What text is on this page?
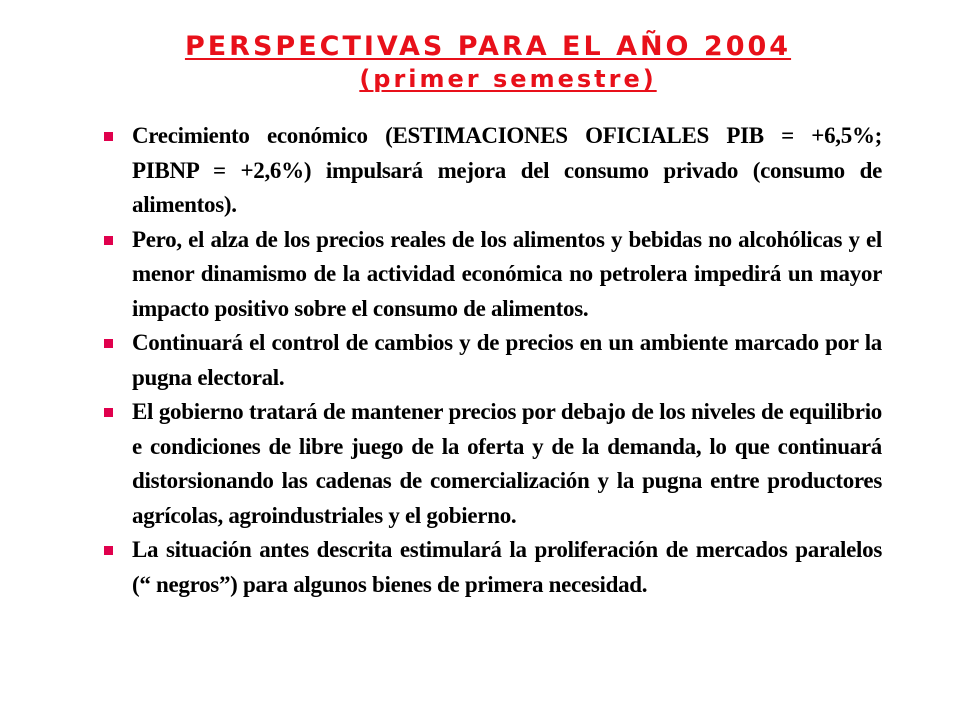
PERSPECTIVAS PARA EL AÑO 2004
(primer semestre)
Crecimiento económico (ESTIMACIONES OFICIALES PIB = +6,5%; PIBNP = +2,6%) impulsará mejora del consumo privado (consumo de alimentos).
Pero, el alza de los precios reales de los alimentos y bebidas no alcohólicas y el menor dinamismo de la actividad económica no petrolera impedirá un mayor impacto positivo sobre el consumo de alimentos.
Continuará el control de cambios y de precios en un ambiente marcado por la pugna electoral.
El gobierno tratará de mantener precios por debajo de los niveles de equilibrio e condiciones de libre juego de la oferta y de la demanda, lo que continuará distorsionando las cadenas de comercialización y la pugna entre productores agrícolas, agroindustriales y el gobierno.
La situación antes descrita estimulará la proliferación de mercados paralelos (“ negros”) para algunos bienes de primera necesidad.
